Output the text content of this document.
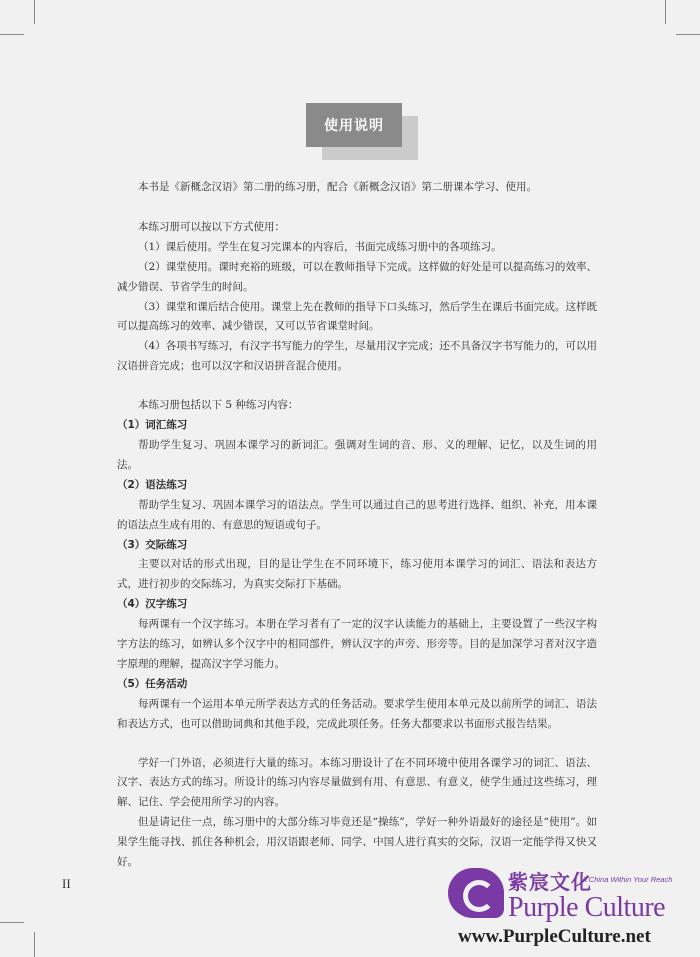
使用说明

本书是《新概念汉语》第二册的练习册，配合《新概念汉语》第二册课本学习、使用。

本练习册可以按以下方式使用：

（1）课后使用。学生在复习完课本的内容后，书面完成练习册中的各项练习。

（2）课堂使用。课时充裕的班级，可以在教师指导下完成。这样做的好处是可以提高练习的效率、减少错误、节省学生的时间。

（3）课堂和课后结合使用。课堂上先在教师的指导下口头练习，然后学生在课后书面完成。这样既可以提高练习的效率、减少错误，又可以节省课堂时间。

（4）各项书写练习，有汉字书写能力的学生，尽量用汉字完成；还不具备汉字书写能力的，可以用汉语拼音完成；也可以汉字和汉语拼音混合使用。

本练习册包括以下 5 种练习内容：

（1）词汇练习

帮助学生复习、巩固本课学习的新词汇。强调对生词的音、形、义的理解、记忆，以及生词的用法。

（2）语法练习

帮助学生复习、巩固本课学习的语法点。学生可以通过自己的思考进行选择、组织、补充，用本课的语法点生成有用的、有意思的短语或句子。

（3）交际练习

主要以对话的形式出现，目的是让学生在不同环境下，练习使用本课学习的词汇、语法和表达方式，进行初步的交际练习，为真实交际打下基础。

（4）汉字练习

每两课有一个汉字练习。本册在学习者有了一定的汉字认读能力的基础上，主要设置了一些汉字构字方法的练习，如辨认多个汉字中的相同部件，辨认汉字的声旁、形旁等。目的是加深学习者对汉字造字原理的理解，提高汉字学习能力。

（5）任务活动

每两课有一个运用本单元所学表达方式的任务活动。要求学生使用本单元及以前所学的词汇、语法和表达方式，也可以借助词典和其他手段，完成此项任务。任务大都要求以书面形式报告结果。

学好一门外语，必须进行大量的练习。本练习册设计了在不同环境中使用各课学习的词汇、语法、汉字、表达方式的练习。所设计的练习内容尽量做到有用、有意思、有意义，使学生通过这些练习，理解、记住、学会使用所学习的内容。

但是请记住一点，练习册中的大部分练习毕竟还是“操练”，学好一种外语最好的途径是“使用”。如果学生能寻找、抓住各种机会，用汉语跟老师、同学、中国人进行真实的交际，汉语一定能学得又快又好。

II	紫宸文化
A China Within Your Reach
Purple Culture
www.PurpleCulture.net
